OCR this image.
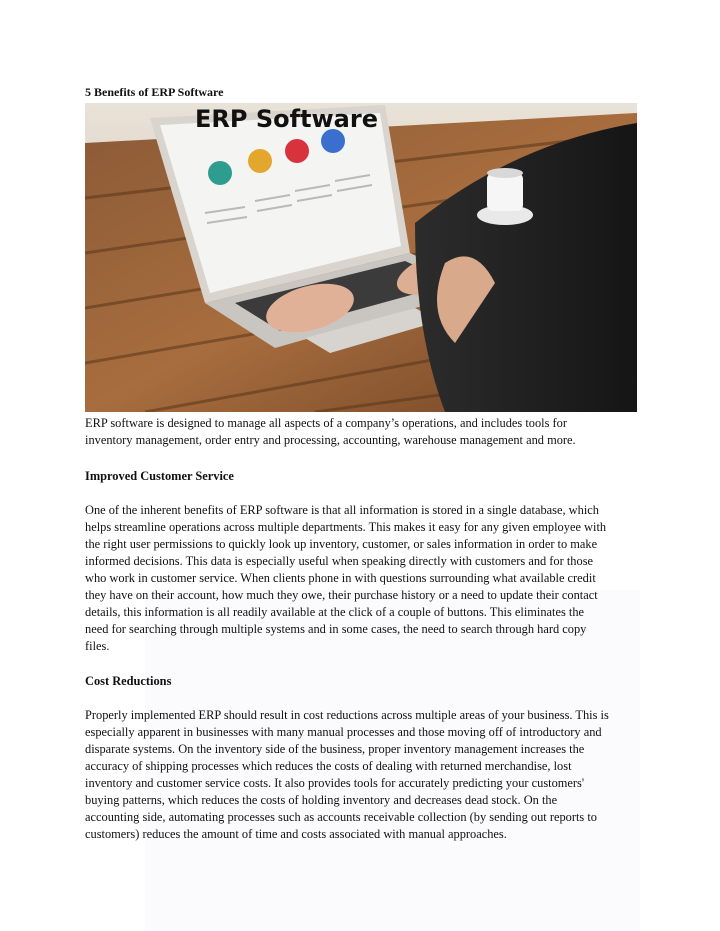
5 Benefits of ERP Software
ERP Software

ERP software is designed to manage all aspects of a company’s operations, and includes tools for
inventory management, order entry and processing, accounting, warehouse management and more.

Improved Customer Service

One of the inherent benefits of ERP software is that all information is stored in a single database, which
helps streamline operations across multiple departments. This makes it easy for any given employee with
the right user permissions to quickly look up inventory, customer, or sales information in order to make
informed decisions. This data is especially useful when speaking directly with customers and for those
who work in customer service. When clients phone in with questions surrounding what available credit
they have on their account, how much they owe, their purchase history or a need to update their contact
details, this information is all readily available at the click of a couple of buttons. This eliminates the
need for searching through multiple systems and in some cases, the need to search through hard copy
files.

Cost Reductions

Properly implemented ERP should result in cost reductions across multiple areas of your business. This is
especially apparent in businesses with many manual processes and those moving off of introductory and
disparate systems. On the inventory side of the business, proper inventory management increases the
accuracy of shipping processes which reduces the costs of dealing with returned merchandise, lost
inventory and customer service costs. It also provides tools for accurately predicting your customers'
buying patterns, which reduces the costs of holding inventory and decreases dead stock. On the
accounting side, automating processes such as accounts receivable collection (by sending out reports to
customers) reduces the amount of time and costs associated with manual approaches.
